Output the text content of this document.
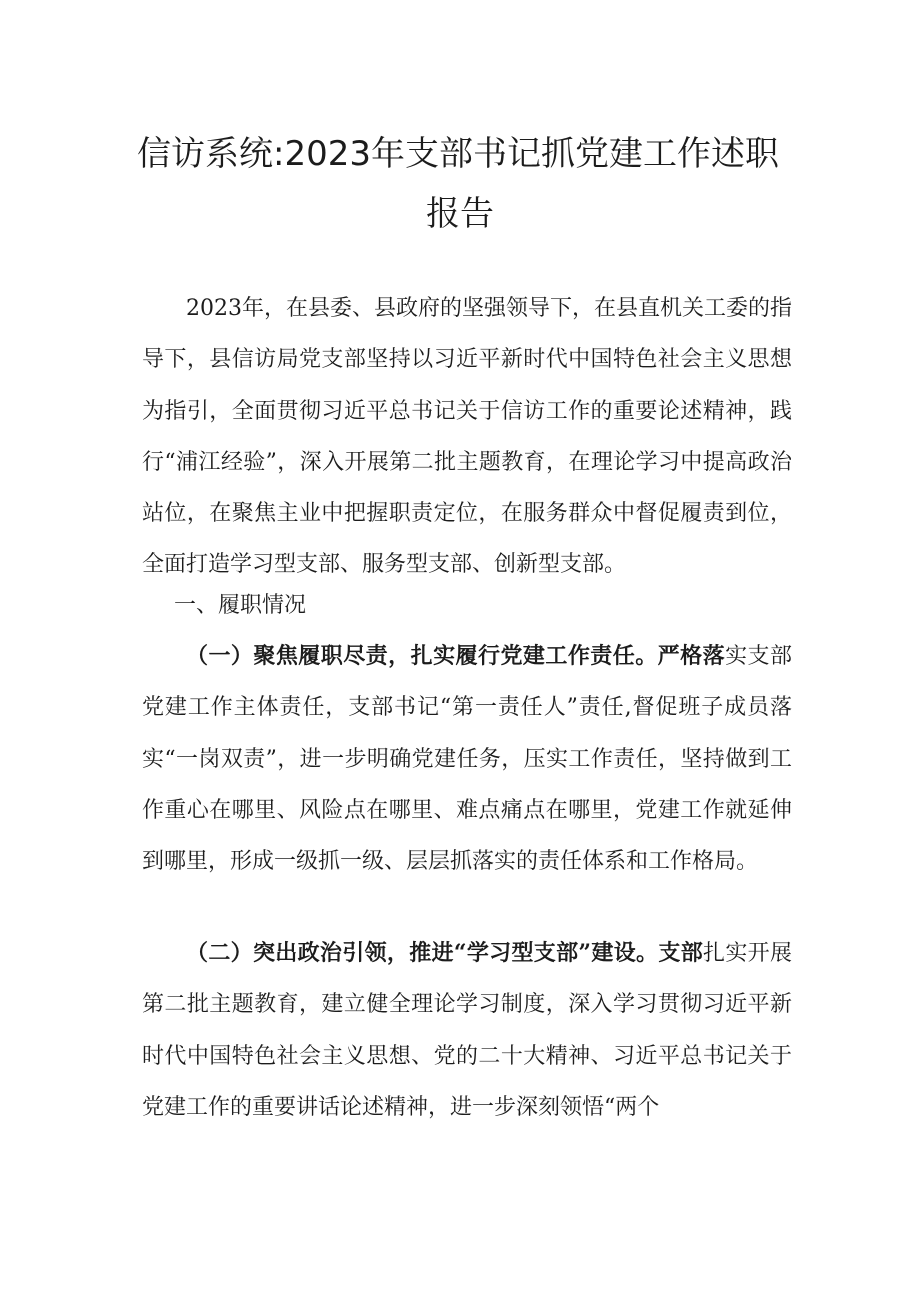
信访系统:2023年支部书记抓党建工作述职
报告

2023年，在县委、县政府的坚强领导下，在县直机关工委的指导下，县信访局党支部坚持以习近平新时代中国特色社会主义思想为指引，全面贯彻习近平总书记关于信访工作的重要论述精神，践行“浦江经验”，深入开展第二批主题教育，在理论学习中提高政治站位，在聚焦主业中把握职责定位，在服务群众中督促履责到位，全面打造学习型支部、服务型支部、创新型支部。

一、履职情况

（一）聚焦履职尽责，扎实履行党建工作责任。严格落实支部党建工作主体责任，支部书记“第一责任人”责任,督促班子成员落实“一岗双责”，进一步明确党建任务，压实工作责任，坚持做到工作重心在哪里、风险点在哪里、难点痛点在哪里，党建工作就延伸到哪里，形成一级抓一级、层层抓落实的责任体系和工作格局。

（二）突出政治引领，推进“学习型支部”建设。支部扎实开展第二批主题教育，建立健全理论学习制度，深入学习贯彻习近平新时代中国特色社会主义思想、党的二十大精神、习近平总书记关于党建工作的重要讲话论述精神，进一步深刻领悟“两个
